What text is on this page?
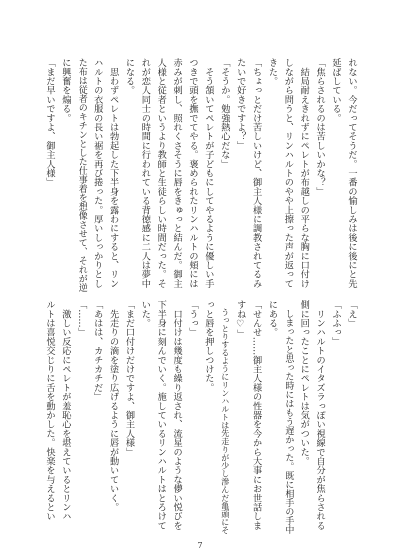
れない。今だってそうだ。一番の愉しみは後に後にと先
延ばしている。
「焦らされるのは苦しいかな？」
　結局耐えきれずにペレトが布越しの平らな胸に口付け
しながら問うと、リンハルトのやや上擦った声が返って
きた。
「ちょっとだけ苦しいけど、御主人様に調教されてるみ
たいで好きですよ？」
「そうか。勉強熱心だな」
　そう頷いてペレトが子どもにしてやるように優しい手
つきで頭を撫でてやる。褒められたリンハルトの頬には
赤みが刺し、照れくさそうに唇をきゅっと結んだ。御主
人様と従者というより教師と生徒らしい時間だった。そ
れが恋人同士の時間に行われている背徳感に二人は夢中
になる。
　思わずペレトは勃起した下半身を露わにすると、リン
ハルトの衣服の長い裾を再び捲った。厚いしっかりとし
た布は従者のキチンとした仕事着を想像させて、それが逆
に興奮を煽る。
「まだ早いですよ、御主人様」
「え」
「ふふっ」
　リンハルトのイタズラっぽい視線で自分が焦らされる
側に回ったことにペレトは気がついた。
　しまったと思った時にはもう遅かった。既に相手の手中
にある。
「せんせ……御主人様の性器を今から大事にお世話しま
すね♡」
　うっとりするようにリンハルトは先走りが少し滲んだ亀頭にそ
っと唇を押しつけた。
「うっ」
　口付けは幾度も繰り返され、流星のような儚い悦びを
下半身に刻んでいく。施しているリンハルトはとろけて
いた。
「まだ口付けだけですよ、御主人様」
　先走りの滴を塗り広げるように唇が動いていく。
「あはは、カチカチだ」
「……」
　激しい反応にペレトが羞恥心を堪えているとリンハ
ルトは喜悦交じりに舌を動かした。快楽を与えるとい
7
